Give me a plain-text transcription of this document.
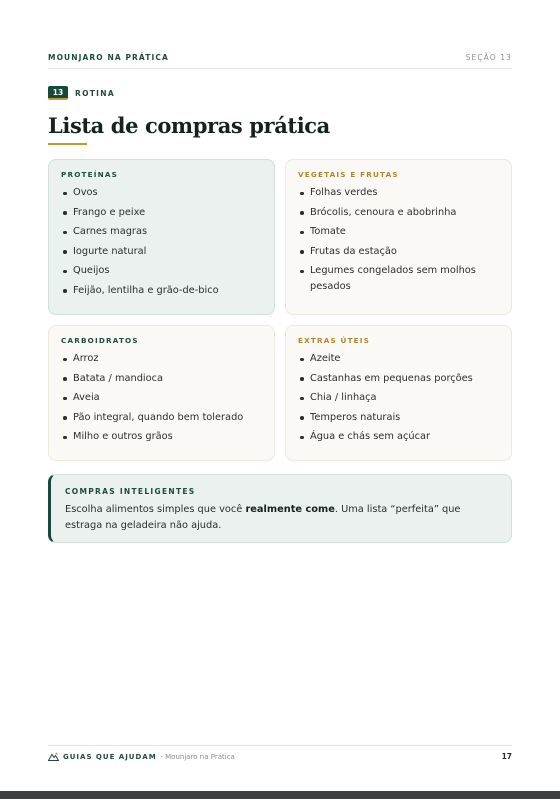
MOUNJARO NA PRÁTICA	SEÇÃO 13
13	ROTINA
Lista de compras prática
PROTEÍNAS
Ovos
Frango e peixe
Carnes magras
Iogurte natural
Queijos
Feijão, lentilha e grão-de-bico
VEGETAIS E FRUTAS
Folhas verdes
Brócolis, cenoura e abobrinha
Tomate
Frutas da estação
Legumes congelados sem molhos pesados
CARBOIDRATOS
Arroz
Batata / mandioca
Aveia
Pão integral, quando bem tolerado
Milho e outros grãos
EXTRAS ÚTEIS
Azeite
Castanhas em pequenas porções
Chia / linhaça
Temperos naturais
Água e chás sem açúcar
COMPRAS INTELIGENTES
Escolha alimentos simples que você realmente come. Uma lista “perfeita” que estraga na geladeira não ajuda.
GUIAS QUE AJUDAM · Mounjaro na Prática	17
